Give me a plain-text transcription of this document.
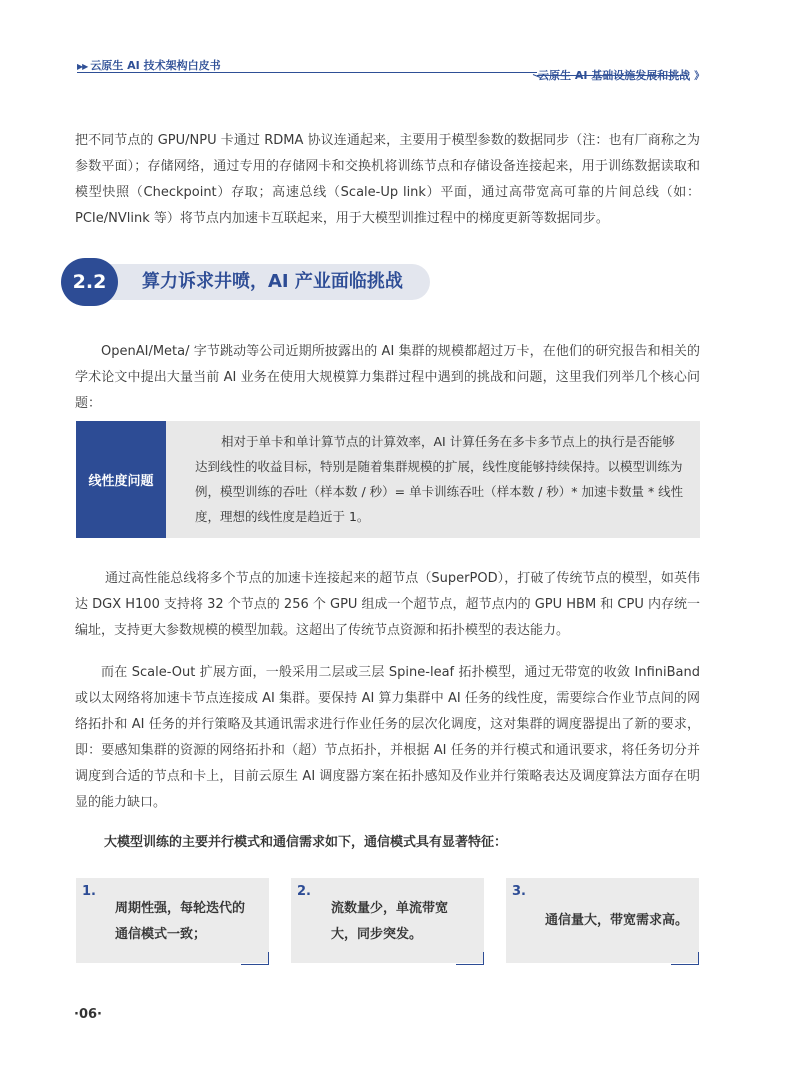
▶▶ 云原生 AI 技术架构白皮书
云原生 AI 基础设施发展和挑战 》

把不同节点的 GPU/NPU 卡通过 RDMA 协议连通起来，主要用于模型参数的数据同步（注：也有厂商称之为参数平面）；存储网络，通过专用的存储网卡和交换机将训练节点和存储设备连接起来，用于训练数据读取和模型快照（Checkpoint）存取；高速总线（Scale-Up link）平面，通过高带宽高可靠的片间总线（如：PCIe/NVlink 等）将节点内加速卡互联起来，用于大模型训推过程中的梯度更新等数据同步。

2.2	算力诉求井喷，AI 产业面临挑战

OpenAI/Meta/ 字节跳动等公司近期所披露出的 AI 集群的规模都超过万卡，在他们的研究报告和相关的学术论文中提出大量当前 AI 业务在使用大规模算力集群过程中遇到的挑战和问题，这里我们列举几个核心问题：

线性度问题

相对于单卡和单计算节点的计算效率，AI 计算任务在多卡多节点上的执行是否能够达到线性的收益目标，特别是随着集群规模的扩展，线性度能够持续保持。以模型训练为例，模型训练的吞吐（样本数 / 秒）= 单卡训练吞吐（样本数 / 秒）* 加速卡数量 * 线性度，理想的线性度是趋近于 1。

通过高性能总线将多个节点的加速卡连接起来的超节点（SuperPOD），打破了传统节点的模型，如英伟达 DGX H100 支持将 32 个节点的 256 个 GPU 组成一个超节点，超节点内的 GPU HBM 和 CPU 内存统一编址，支持更大参数规模的模型加载。这超出了传统节点资源和拓扑模型的表达能力。

而在 Scale-Out 扩展方面，一般采用二层或三层 Spine-leaf 拓扑模型，通过无带宽的收敛 InfiniBand 或以太网络将加速卡节点连接成 AI 集群。要保持 AI 算力集群中 AI 任务的线性度，需要综合作业节点间的网络拓扑和 AI 任务的并行策略及其通讯需求进行作业任务的层次化调度，这对集群的调度器提出了新的要求，即：要感知集群的资源的网络拓扑和（超）节点拓扑，并根据 AI 任务的并行模式和通讯要求，将任务切分并调度到合适的节点和卡上，目前云原生 AI 调度器方案在拓扑感知及作业并行策略表达及调度算法方面存在明显的能力缺口。

大模型训练的主要并行模式和通信需求如下，通信模式具有显著特征：
1.
周期性强，每轮迭代的
通信模式一致；
2.
流数量少，单流带宽
大，同步突发。
3.
通信量大，带宽需求高。
·06·
